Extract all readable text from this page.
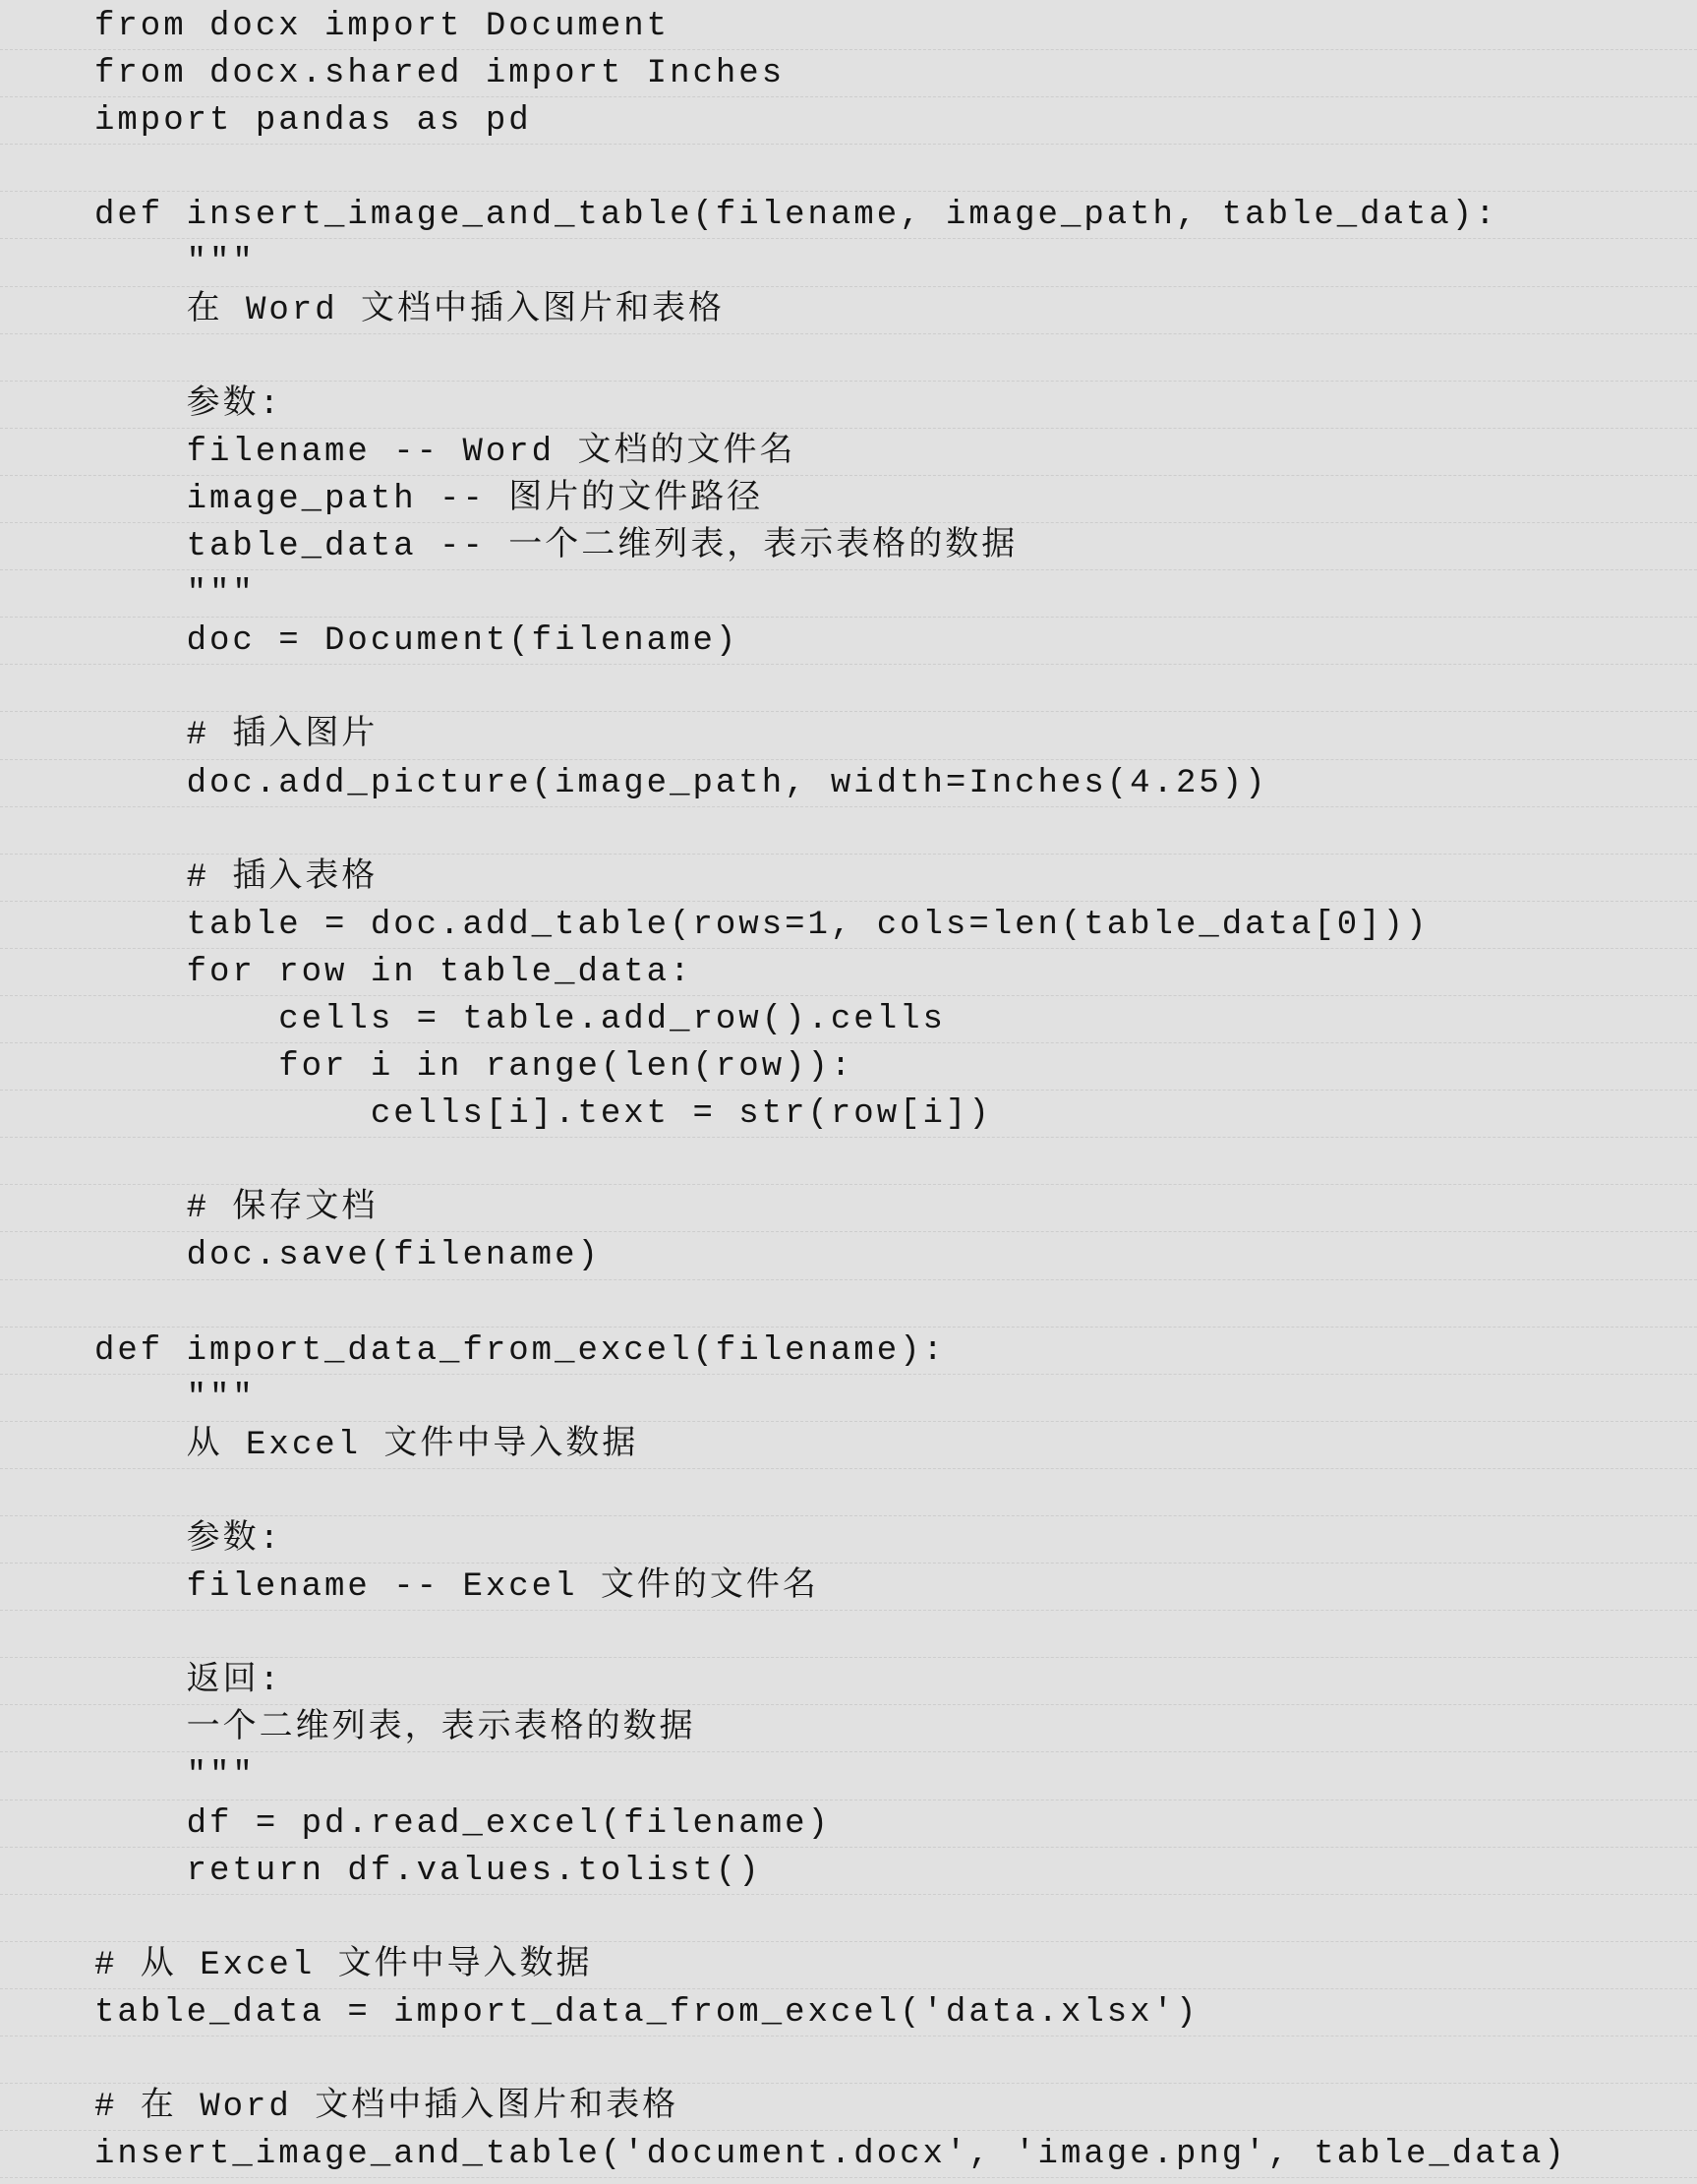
from docx import Document
from docx.shared import Inches
import pandas as pd
def insert_image_and_table(filename, image_path, table_data):
"""
在 Word 文档中插入图片和表格
参数:
filename -- Word 文档的文件名
image_path -- 图片的文件路径
table_data -- 一个二维列表，表示表格的数据
"""
doc = Document(filename)
# 插入图片
doc.add_picture(image_path, width=Inches(4.25))
# 插入表格
table = doc.add_table(rows=1, cols=len(table_data[0]))
for row in table_data:
cells = table.add_row().cells
for i in range(len(row)):
cells[i].text = str(row[i])
# 保存文档
doc.save(filename)
def import_data_from_excel(filename):
"""
从 Excel 文件中导入数据
参数:
filename -- Excel 文件的文件名
返回:
一个二维列表，表示表格的数据
"""
df = pd.read_excel(filename)
return df.values.tolist()
# 从 Excel 文件中导入数据
table_data = import_data_from_excel('data.xlsx')
# 在 Word 文档中插入图片和表格
insert_image_and_table('document.docx', 'image.png', table_data)
